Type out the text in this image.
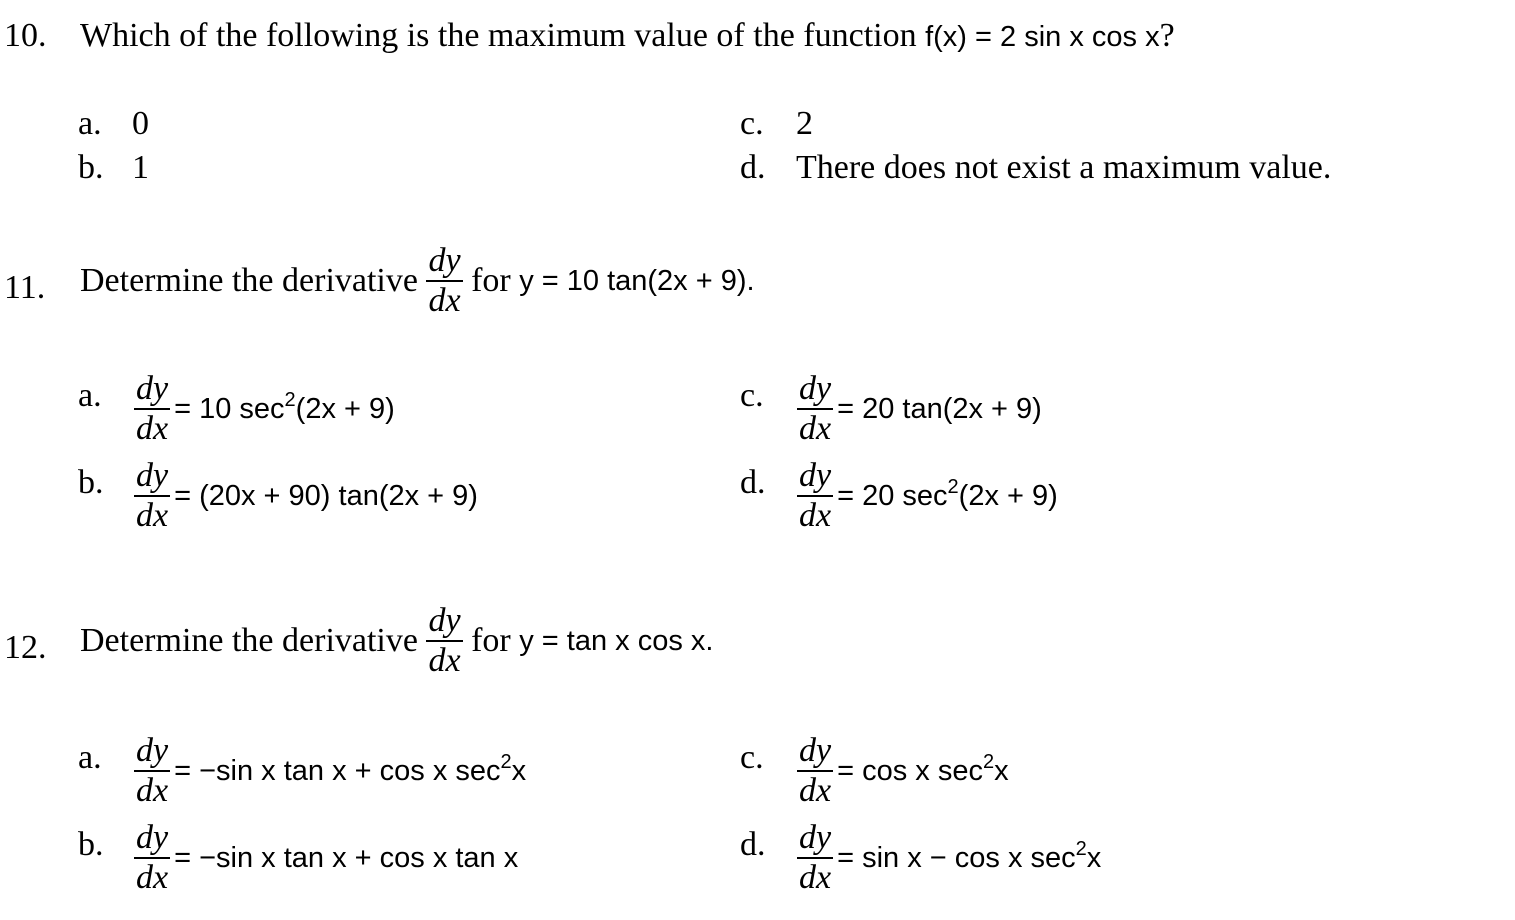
10. Which of the following is the maximum value of the function f(x) = 2 sin x cos x?
a. 0
b. 1
c. 2
d. There does not exist a maximum value.
11. Determine the derivative $\frac{dy}{dx}$ for y = 10 tan(2x + 9).
a. $\frac{dy}{dx} = 10$ $\sec^2(2x + 9)$
b. $\frac{dy}{dx} = (20x + 90) \tan(2x + 9)$
c. $\frac{dy}{dx} = 20$ tan(2x + 9)
d. $\frac{dy}{dx} = 20$ $\sec^2(2x + 9)$
12. Determine the derivative $\frac{dy}{dx}$ for y = tan x cos x.
a. $\frac{dy}{dx} = -\sin$ x tan x + cos x $\sec^2x$
b. $\frac{dy}{dx} = -\sin$ x tan x + cos x tan x
c. $\frac{dy}{dx} = \cos x$ $\sec^2x$
d. $\frac{dy}{dx} = \sin x - \cos x$ $\sec^2x$
